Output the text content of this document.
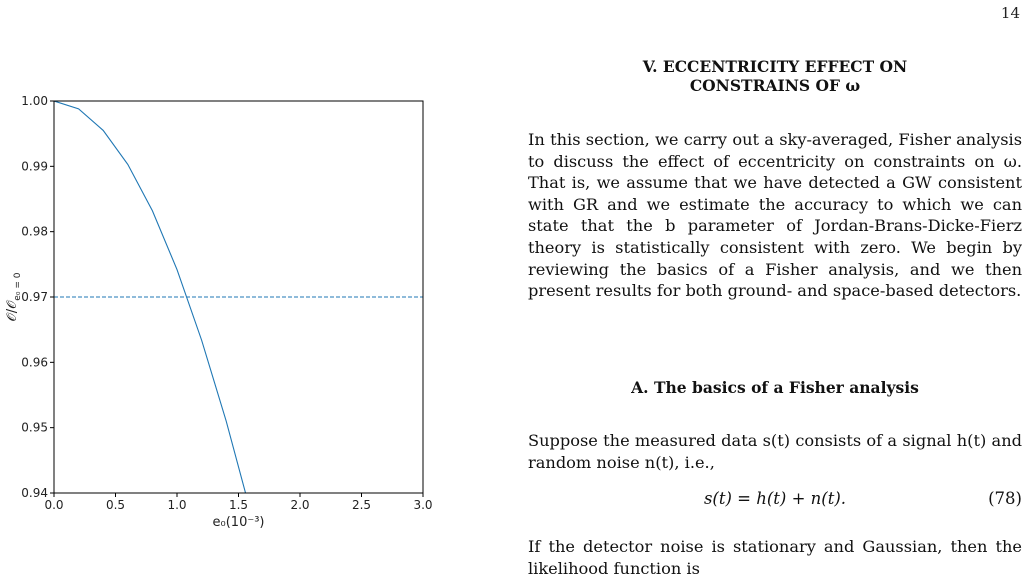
14
0.0	0.5	1.0	1.5	2.0	2.5	3.0
0.94
0.95
0.96
0.97
0.98
0.99
1.00
e₀(10⁻³)
𝒪/𝒪$_{e_0 = 0}$
V. ECCENTRICITY EFFECT ON
CONSTRAINS OF ω
In this section, we carry out a sky-averaged, Fisher analysis to discuss the effect of eccentricity on constraints on ω. That is, we assume that we have detected a GW consistent with GR and we estimate the accuracy to which we can state that the b parameter of Jordan-Brans-Dicke-Fierz theory is statistically consistent with zero. We begin by reviewing the basics of a Fisher analysis, and we then present results for both ground- and space-based detectors.
A. The basics of a Fisher analysis
Suppose the measured data s(t) consists of a signal h(t) and random noise n(t), i.e.,
s(t) = h(t) + n(t).	(78)
If the detector noise is stationary and Gaussian, then the likelihood function is
